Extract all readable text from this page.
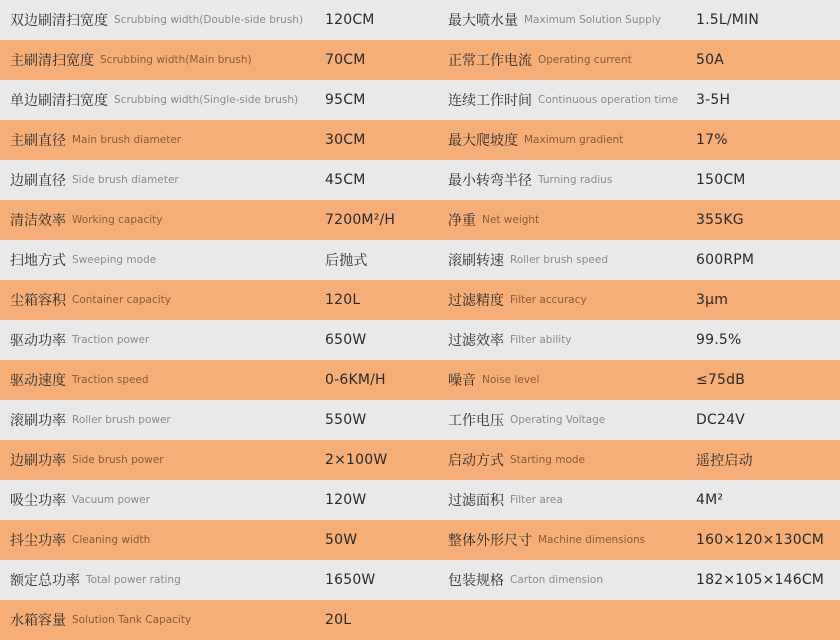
双边刷清扫宽度 Scrubbing width(Double-side brush) 120CM	最大喷水量 Maximum Solution Supply	1.5L/MIN
主刷清扫宽度 Scrubbing width(Main brush)	70CM	正常工作电流 Operating current	50A
单边刷清扫宽度 Scrubbing width(Single-side brush) 95CM	连续工作时间 Continuous operation time 3-5H
主刷直径 Main brush diameter	30CM	最大爬坡度 Maximum gradient	17%
边刷直径 Side brush diameter	45CM	最小转弯半径 Turning radius	150CM
清洁效率 Working capacity	7200M²/H	净重 Net weight	355KG
扫地方式 Sweeping mode	后抛式	滚刷转速 Roller brush speed	600RPM
尘箱容积 Container capacity	120L	过滤精度 Filter accuracy	3μm
驱动功率 Traction power	650W	过滤效率 Filter ability	99.5%
驱动速度 Traction speed	0-6KM/H	噪音 Noise level	≤75dB
滚刷功率 Roller brush power	550W	工作电压 Operating Voltage	DC24V
边刷功率 Side brush power	2×100W	启动方式 Starting mode	遥控启动
吸尘功率 Vacuum power	120W	过滤面积 Filter area	4M²
抖尘功率 Cleaning width	50W	整体外形尺寸 Machine dimensions	160×120×130CM
额定总功率 Total power rating	1650W	包装规格 Carton dimension	182×105×146CM
水箱容量 Solution Tank Capacity	20L
